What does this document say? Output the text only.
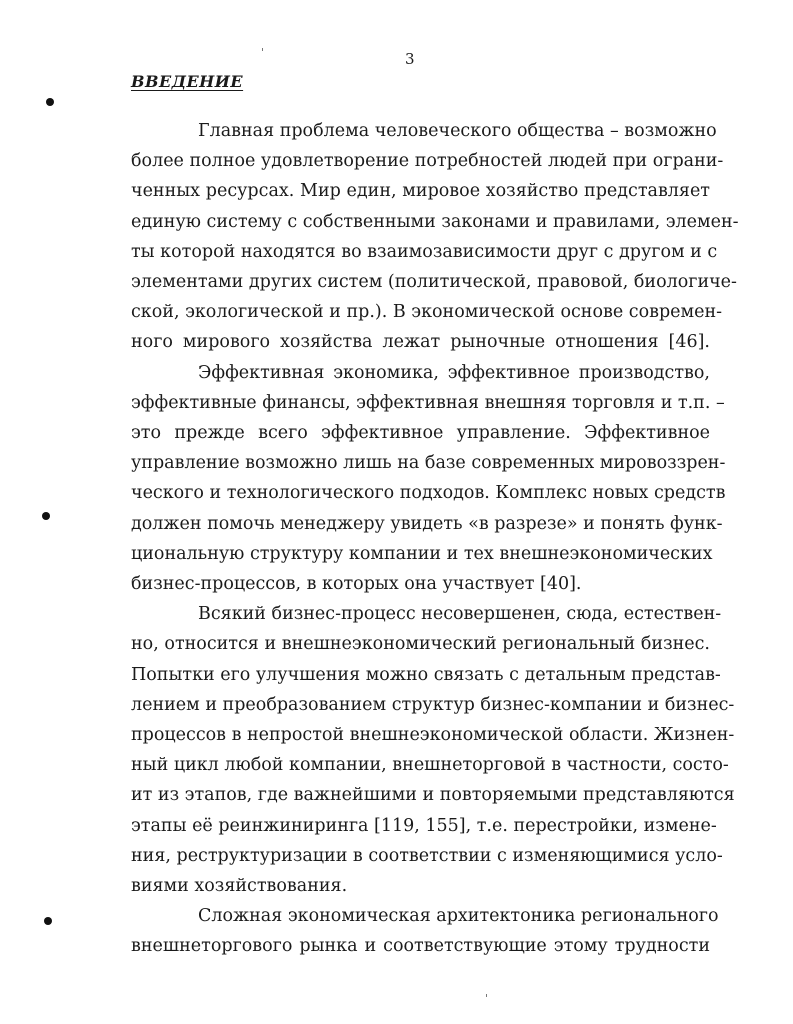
3
ВВЕДЕНИЕ
Главная проблема человеческого общества – возможно
более полное удовлетворение потребностей людей при ограни-
ченных ресурсах. Мир един, мировое хозяйство представляет
единую систему с собственными законами и правилами, элемен-
ты которой находятся во взаимозависимости друг с другом и с
элементами других систем (политической, правовой, биологиче-
ской, экологической и пр.). В экономической основе современ-
ного мирового хозяйства лежат рыночные отношения [46].
Эффективная экономика, эффективное производство,
эффективные финансы, эффективная внешняя торговля и т.п. –
это прежде всего эффективное управление. Эффективное
управление возможно лишь на базе современных мировоззрен-
ческого и технологического подходов. Комплекс новых средств
должен помочь менеджеру увидеть «в разрезе» и понять функ-
циональную структуру компании и тех внешнеэкономических
бизнес-процессов, в которых она участвует [40].
Всякий бизнес-процесс несовершенен, сюда, естествен-
но, относится и внешнеэкономический региональный бизнес.
Попытки его улучшения можно связать с детальным представ-
лением и преобразованием структур бизнес-компании и бизнес-
процессов в непростой внешнеэкономической области. Жизнен-
ный цикл любой компании, внешнеторговой в частности, состо-
ит из этапов, где важнейшими и повторяемыми представляются
этапы её реинжиниринга [119, 155], т.е. перестройки, измене-
ния, реструктуризации в соответствии с изменяющимися усло-
виями хозяйствования.
Сложная экономическая архитектоника регионального
внешнеторгового рынка и соответствующие этому трудности
